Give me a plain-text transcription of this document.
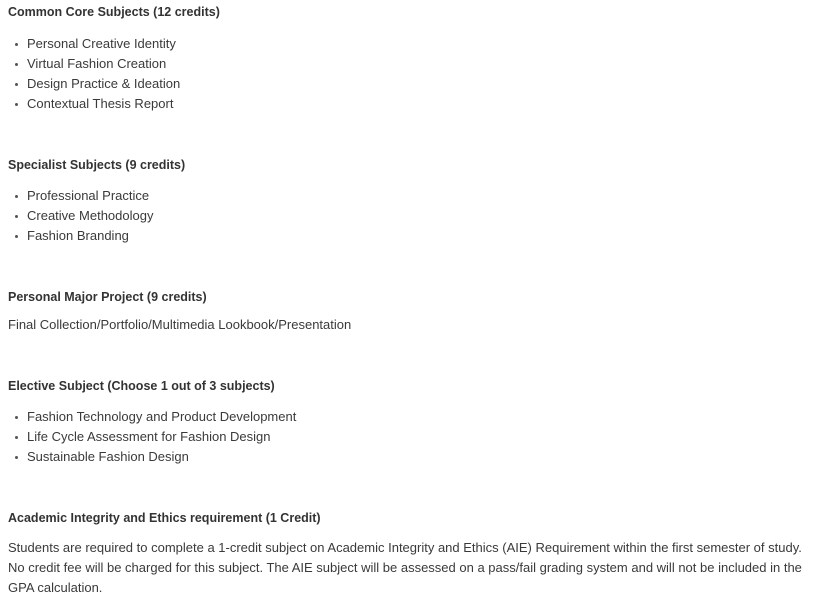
Common Core Subjects (12 credits)

Personal Creative Identity
Virtual Fashion Creation
Design Practice & Ideation
Contextual Thesis Report

Specialist Subjects (9 credits)

Professional Practice
Creative Methodology
Fashion Branding

Personal Major Project (9 credits)

Final Collection/Portfolio/Multimedia Lookbook/Presentation

Elective Subject (Choose 1 out of 3 subjects)

Fashion Technology and Product Development
Life Cycle Assessment for Fashion Design
Sustainable Fashion Design

Academic Integrity and Ethics requirement (1 Credit)

Students are required to complete a 1-credit subject on Academic Integrity and Ethics (AIE) Requirement within the first semester of study. No credit fee will be charged for this subject. The AIE subject will be assessed on a pass/fail grading system and will not be included in the GPA calculation.
